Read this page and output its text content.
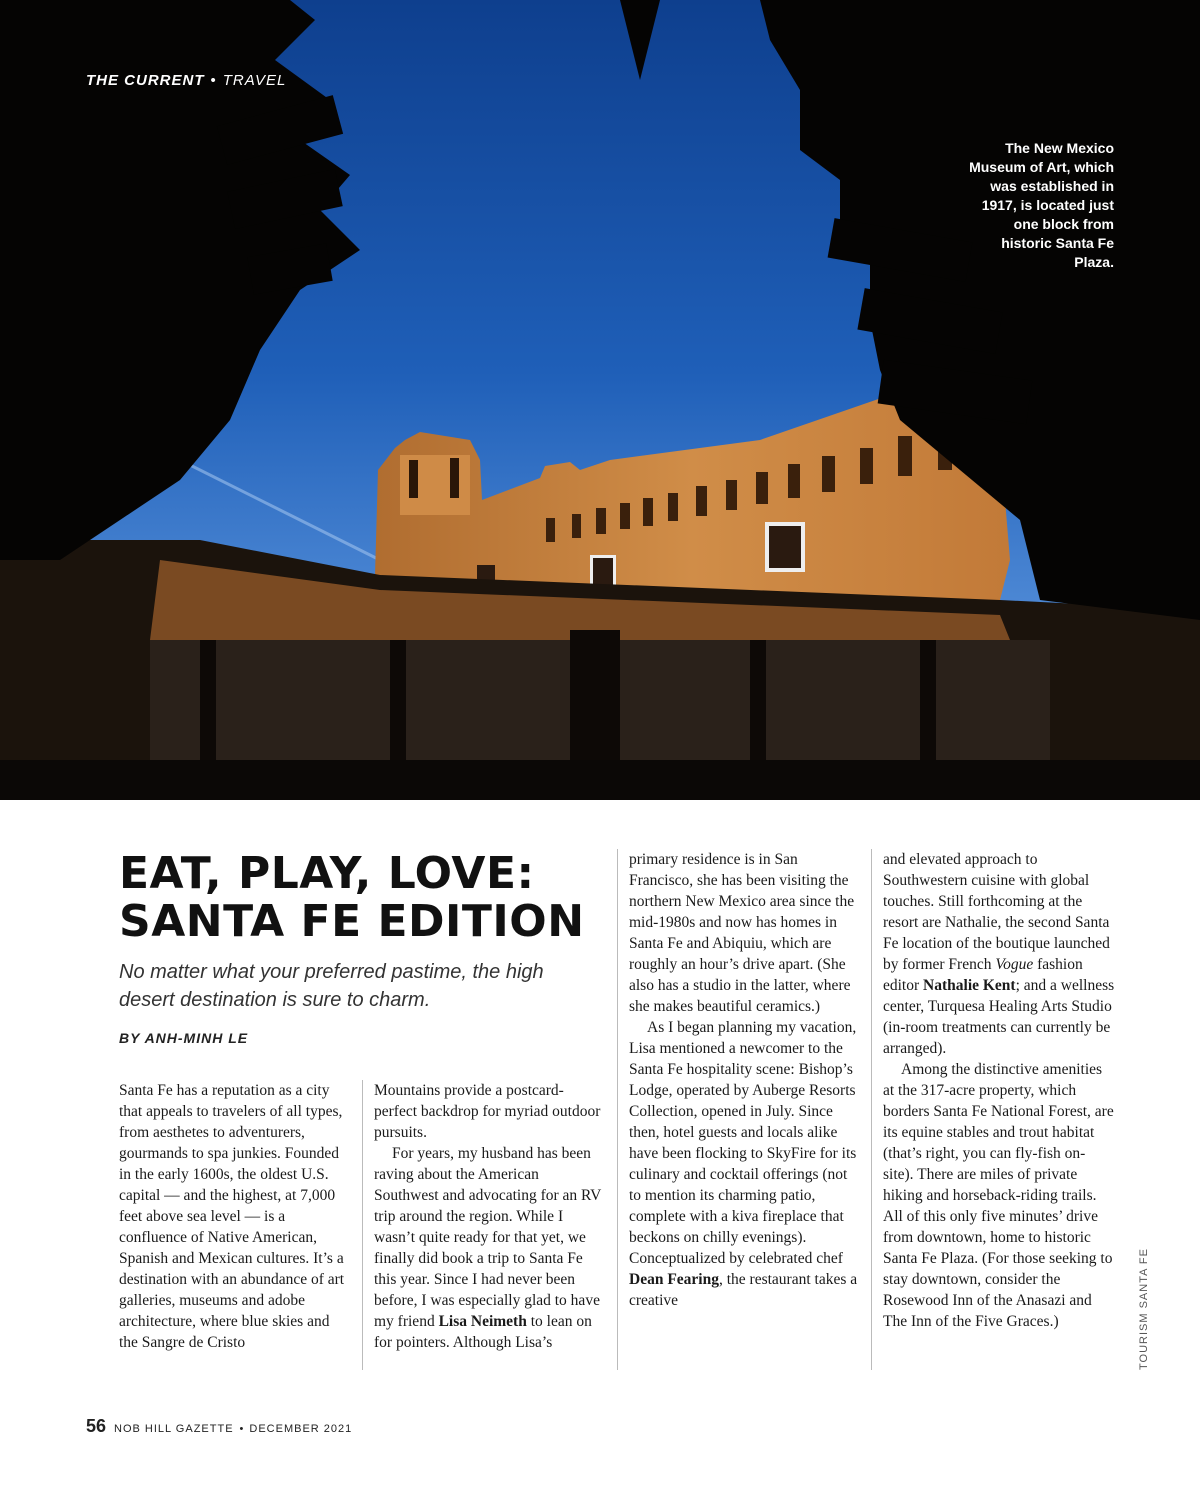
THE CURRENT • TRAVEL
The New Mexico Museum of Art, which was established in 1917, is located just one block from historic Santa Fe Plaza.
EAT, PLAY, LOVE:
SANTA FE EDITION

No matter what your preferred pastime, the high desert destination is sure to charm.

BY ANH-MINH LE

Santa Fe has a reputation as a city that appeals to travelers of all types, from aesthetes to adventurers, gourmands to spa junkies. Founded in the early 1600s, the oldest U.S. capital — and the highest, at 7,000 feet above sea level — is a confluence of Native American, Spanish and Mexican cultures. It’s a destination with an abundance of art galleries, museums and adobe architecture, where blue skies and the Sangre de Cristo

Mountains provide a postcard-perfect backdrop for myriad outdoor pursuits.

For years, my husband has been raving about the American Southwest and advocating for an RV trip around the region. While I wasn’t quite ready for that yet, we finally did book a trip to Santa Fe this year. Since I had never been before, I was especially glad to have my friend Lisa Neimeth to lean on for pointers. Although Lisa’s

primary residence is in San Francisco, she has been visiting the northern New Mexico area since the mid-1980s and now has homes in Santa Fe and Abiquiu, which are roughly an hour’s drive apart. (She also has a studio in the latter, where she makes beautiful ceramics.)

As I began planning my vacation, Lisa mentioned a newcomer to the Santa Fe hospitality scene: Bishop’s Lodge, operated by Auberge Resorts Collection, opened in July. Since then, hotel guests and locals alike have been flocking to SkyFire for its culinary and cocktail offerings (not to mention its charming patio, complete with a kiva fireplace that beckons on chilly evenings). Conceptualized by celebrated chef Dean Fearing, the restaurant takes a creative

and elevated approach to Southwestern cuisine with global touches. Still forthcoming at the resort are Nathalie, the second Santa Fe location of the boutique launched by former French Vogue fashion editor Nathalie Kent; and a wellness center, Turquesa Healing Arts Studio (in-room treatments can currently be arranged).

Among the distinctive amenities at the 317-acre property, which borders Santa Fe National Forest, are its equine stables and trout habitat (that’s right, you can fly-fish on-site). There are miles of private hiking and horseback-riding trails. All of this only five minutes’ drive from downtown, home to historic Santa Fe Plaza. (For those seeking to stay downtown, consider the Rosewood Inn of the Anasazi and The Inn of the Five Graces.)	TOURISM SANTA FE
56 NOB HILL GAZETTE • DECEMBER 2021
